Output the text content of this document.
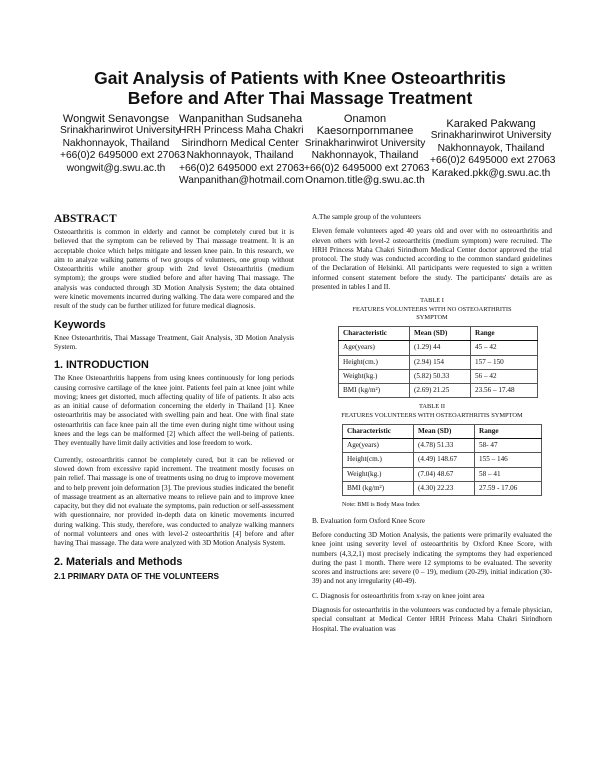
Gait Analysis of Patients with Knee Osteoarthritis
Before and After Thai Massage Treatment
Wongwit Senavongse
Srinakharinwirot University
Nakhonnayok, Thailand
+66(0)2 6495000 ext 27063
wongwit@g.swu.ac.th
Wanpanithan Sudsaneha
HRH Princess Maha Chakri
Sirindhorn Medical Center
Nakhonnayok, Thailand
+66(0)2 6495000 ext 27063
Wanpanithan@hotmail.com
Onamon
Kaesornpornmanee
Srinakharinwirot University
Nakhonnayok, Thailand
+66(0)2 6495000 ext 27063
Onamon.title@g.swu.ac.th
Karaked Pakwang
Srinakharinwirot University
Nakhonnayok, Thailand
+66(0)2 6495000 ext 27063
Karaked.pkk@g.swu.ac.th
ABSTRACT

Osteoarthritis is common in elderly and cannot be completely cured but it is believed that the symptom can be relieved by Thai massage treatment. It is an acceptable choice which helps mitigate and lessen knee pain. In this research, we aim to analyze walking patterns of two groups of volunteers, one group without Osteoarthritis while another group with 2nd level Osteoarthritis (medium symptom); the groups were studied before and after having Thai massage. The analysis was conducted through 3D Motion Analysis System; the data obtained were kinetic movements incurred during walking. The data were compared and the result of the study can be further utilized for future medical diagnosis.

Keywords

Knee Osteoarthritis, Thai Massage Treatment, Gait Analysis, 3D Motion Analysis System.

1. INTRODUCTION

The Knee Osteoarthritis happens from using knees continuously for long periods causing corrosive cartilage of the knee joint. Patients feel pain at knee joint while moving; knees get distorted, much affecting quality of life of patients. It also acts as an initial cause of deformation concerning the elderly in Thailand [1]. Knee osteoarthritis may be associated with swelling pain and heat. One with final state osteoarthritis can face knee pain all the time even during night time without using knees and the legs can be malformed [2] which affect the well-being of patients. They eventually have limit daily activities and lose freedom to work.

Currently, osteoarthritis cannot be completely cured, but it can be relieved or slowed down from excessive rapid increment. The treatment mostly focuses on pain relief. Thai massage is one of treatments using no drug to improve movement and to help prevent join deformation [3]. The previous studies indicated the benefit of massage treatment as an alternative means to relieve pain and to improve knee capacity, but they did not evaluate the symptoms, pain reduction or self-assessment with questionnaire, nor provided in-depth data on kinetic movements incurred during walking. This study, therefore, was conducted to analyze walking manners of normal volunteers and ones with level-2 osteoarthritis [4] before and after having Thai massage. The data were analyzed with 3D Motion Analysis System.

2. Materials and Methods
2.1 PRIMARY DATA OF THE VOLUNTEERS

A.The sample group of the volunteers

Eleven female volunteers aged 40 years old and over with no osteoarthritis and eleven others with level-2 osteoarthritis (medium symptom) were recruited. The HRH Princess Maha Chakri Sirindhorn Medical Center doctor approved the trial protocol. The study was conducted according to the common standard guidelines of the Declaration of Helsinki. All participants were requested to sign a written informed consent statement before the study. The participants' details are as presented in tables I and II.

TABLE I
FEATURES VOLUNTEERS WITH NO OSTEOARTHRITIS
SYMPTOM
Characteristic	Mean (SD)	Range
Age(years)	(1.29) 44	45 – 42
Height(cm.)	(2.94) 154	157 – 150
Weight(kg.)	(5.82) 50.33	56 – 42
BMI (kg/m²)	(2.69) 21.25	23.56 – 17.48
TABLE II
FEATURES VOLUNTEERS WITH OSTEOARTHRITIS SYMPTOM
Characteristic	Mean (SD)	Range
Age(years)	(4.78) 51.33	58- 47
Height(cm.)	(4.49) 148.67	155 – 146
Weight(kg.)	(7.04) 48.67	58 – 41
BMI (kg/m²)	(4.30) 22.23	27.59 - 17.06
Note: BMI is Body Mass Index

B. Evaluation form Oxford Knee Score

Before conducting 3D Motion Analysis, the patients were primarily evaluated the knee joint using severity level of osteoarthritis by Oxford Knee Score, with numbers (4,3,2,1) most precisely indicating the symptoms they had experienced during the past 1 month. There were 12 symptoms to be evaluated. The severity scores and instructions are: severe (0 – 19), medium (20-29), initial indication (30-39) and not any irregularity (40-49).

C. Diagnosis for osteoarthritis from x-ray on knee joint area

Diagnosis for osteoarthritis in the volunteers was conducted by a female physician, special consultant at Medical Center HRH Princess Maha Chakri Sirindhorn Hospital. The evaluation was
